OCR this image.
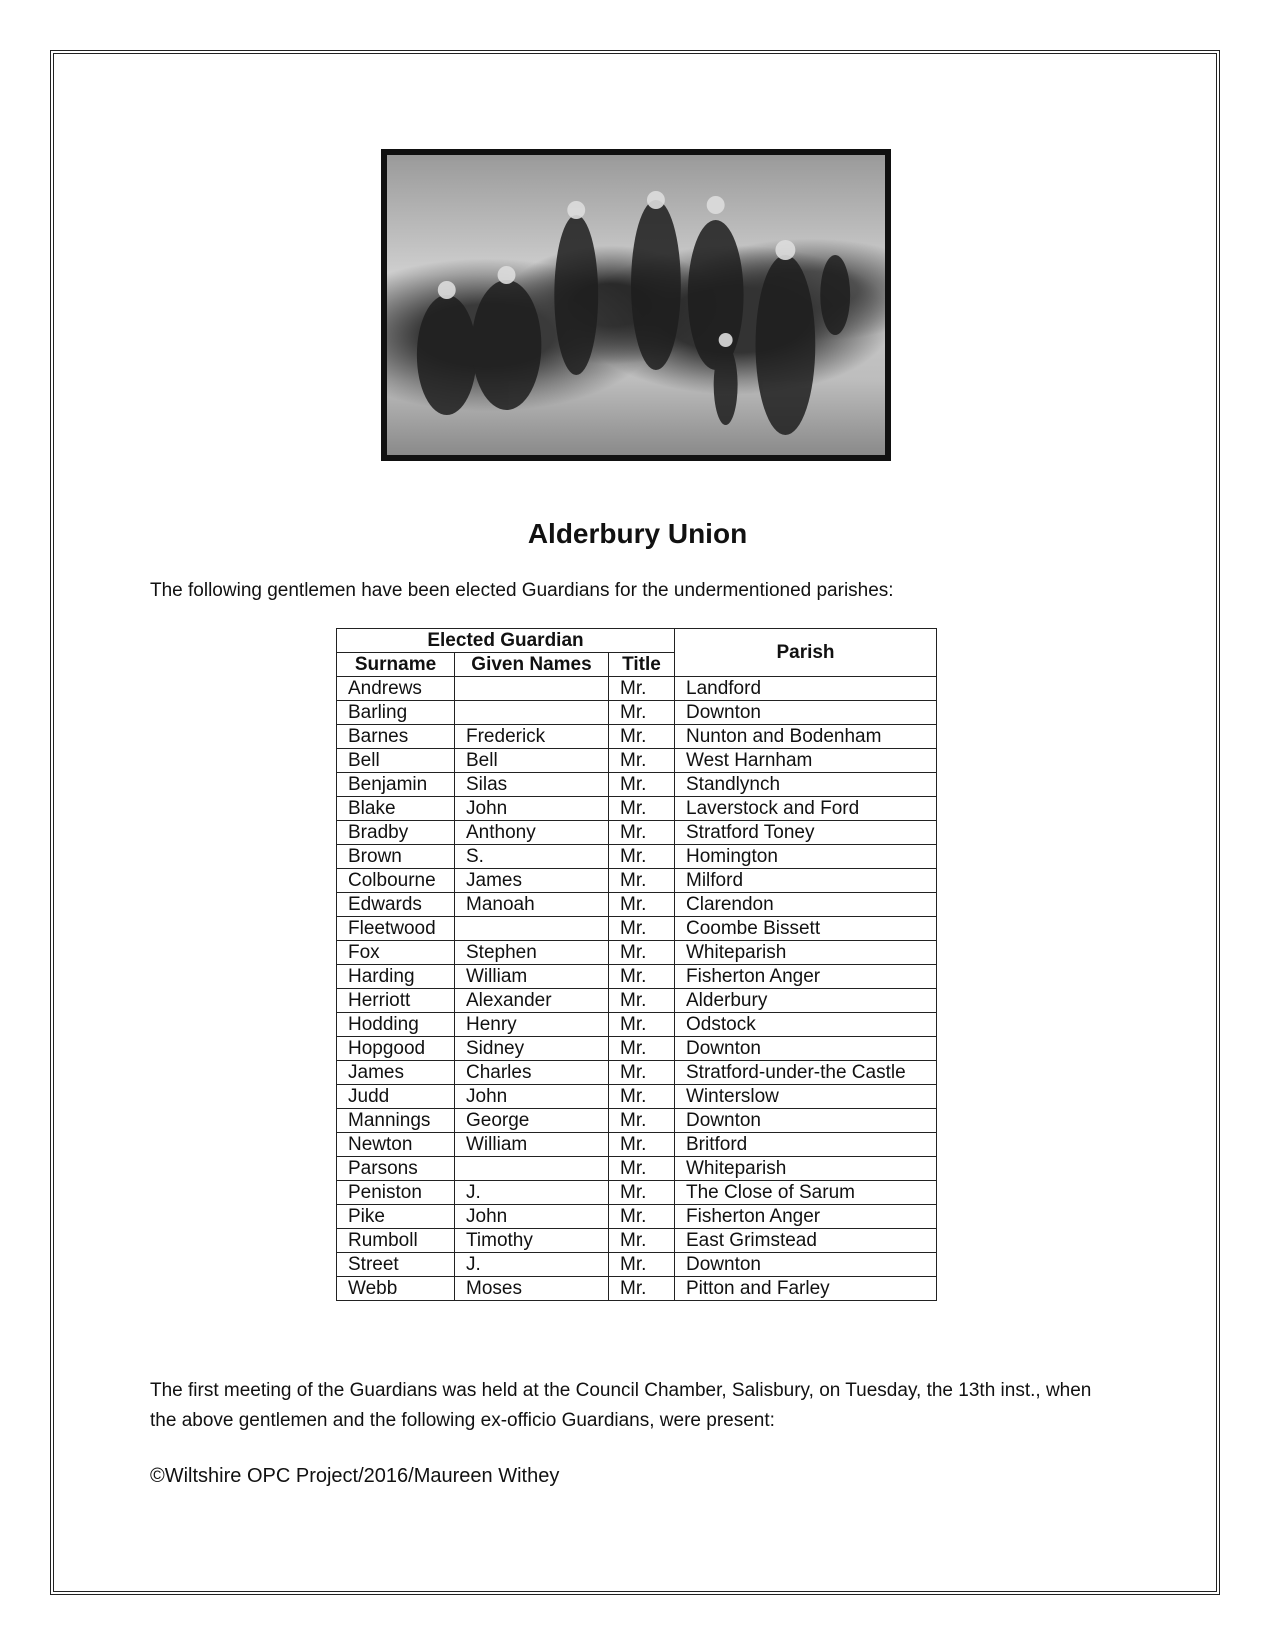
Alderbury Union
The following gentlemen have been elected Guardians for the undermentioned parishes:
Elected Guardian			Parish
Surname	Given Names	Title	
Andrews		Mr.	Landford
Barling		Mr.	Downton
Barnes	Frederick	Mr.	Nunton and Bodenham
Bell	Bell	Mr.	West Harnham
Benjamin	Silas	Mr.	Standlynch
Blake	John	Mr.	Laverstock and Ford
Bradby	Anthony	Mr.	Stratford Toney
Brown	S.	Mr.	Homington
Colbourne	James	Mr.	Milford
Edwards	Manoah	Mr.	Clarendon
Fleetwood		Mr.	Coombe Bissett
Fox	Stephen	Mr.	Whiteparish
Harding	William	Mr.	Fisherton Anger
Herriott	Alexander	Mr.	Alderbury
Hodding	Henry	Mr.	Odstock
Hopgood	Sidney	Mr.	Downton
James	Charles	Mr.	Stratford-under-the Castle
Judd	John	Mr.	Winterslow
Mannings	George	Mr.	Downton
Newton	William	Mr.	Britford
Parsons		Mr.	Whiteparish
Peniston	J.	Mr.	The Close of Sarum
Pike	John	Mr.	Fisherton Anger
Rumboll	Timothy	Mr.	East Grimstead
Street	J.	Mr.	Downton
Webb	Moses	Mr.	Pitton and Farley
The first meeting of the Guardians was held at the Council Chamber, Salisbury, on Tuesday, the 13th inst., when the above gentlemen and the following ex-officio Guardians, were present:
©Wiltshire OPC Project/2016/Maureen Withey
